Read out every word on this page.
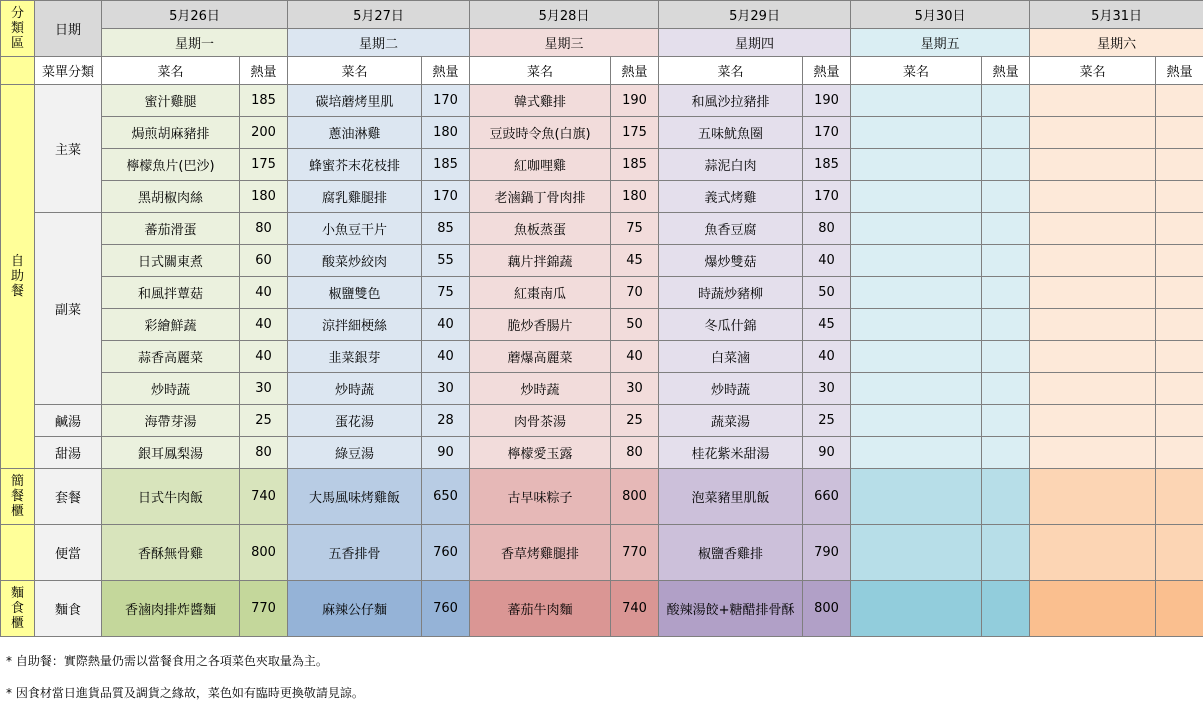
分
類
區	日期	5月26日		5月27日		5月28日		5月29日		5月30日		5月31日	
		星期一		星期二		星期三		星期四		星期五		星期六	
	菜單分類	菜名	熱量	菜名	熱量	菜名	熱量	菜名	熱量	菜名	熱量	菜名	熱量

自
助
餐	主菜	蜜汁雞腿	185	碳培蘑烤里肌	170	韓式雞排	190	和風沙拉豬排	190				
		焗煎胡麻豬排	200	蔥油淋雞	180	豆豉時令魚(白旗)	175	五味魷魚圈	170				
		檸檬魚片(巴沙)	175	蜂蜜芥末花枝排	185	紅咖哩雞	185	蒜泥白肉	185				
		黑胡椒肉絲	180	腐乳雞腿排	170	老滷鍋丁骨肉排	180	義式烤雞	170				
	副菜	蕃茄滑蛋	80	小魚豆干片	85	魚板蒸蛋	75	魚香豆腐	80				
		日式關東煮	60	酸菜炒絞肉	55	藕片拌錦蔬	45	爆炒雙菇	40				
		和風拌蕈菇	40	椒鹽雙色	75	紅棗南瓜	70	時蔬炒豬柳	50				
		彩繪鮮蔬	40	涼拌細梗絲	40	脆炒香腸片	50	冬瓜什錦	45				
		蒜香高麗菜	40	韭菜銀芽	40	蘑爆高麗菜	40	白菜滷	40				
		炒時蔬	30	炒時蔬	30	炒時蔬	30	炒時蔬	30				
	鹹湯	海帶芽湯	25	蛋花湯	28	肉骨茶湯	25	蔬菜湯	25				
	甜湯	銀耳鳳梨湯	80	綠豆湯	90	檸檬愛玉露	80	桂花紫米甜湯	90				

簡
餐
櫃	套餐	日式牛肉飯	740	大馬風味烤雞飯	650	古早味粽子	800	泡菜豬里肌飯	660				
	便當	香酥無骨雞	800	五香排骨	760	香草烤雞腿排	770	椒鹽香雞排	790				

麵
食
櫃	麵食	香滷肉排炸醬麵	770	麻辣公仔麵	760	蕃茄牛肉麵	740	酸辣湯餃+糖醋排骨酥	800				
* 自助餐：實際熱量仍需以當餐食用之各項菜色夾取量為主。
* 因食材當日進貨品質及調貨之緣故，菜色如有臨時更換敬請見諒。
